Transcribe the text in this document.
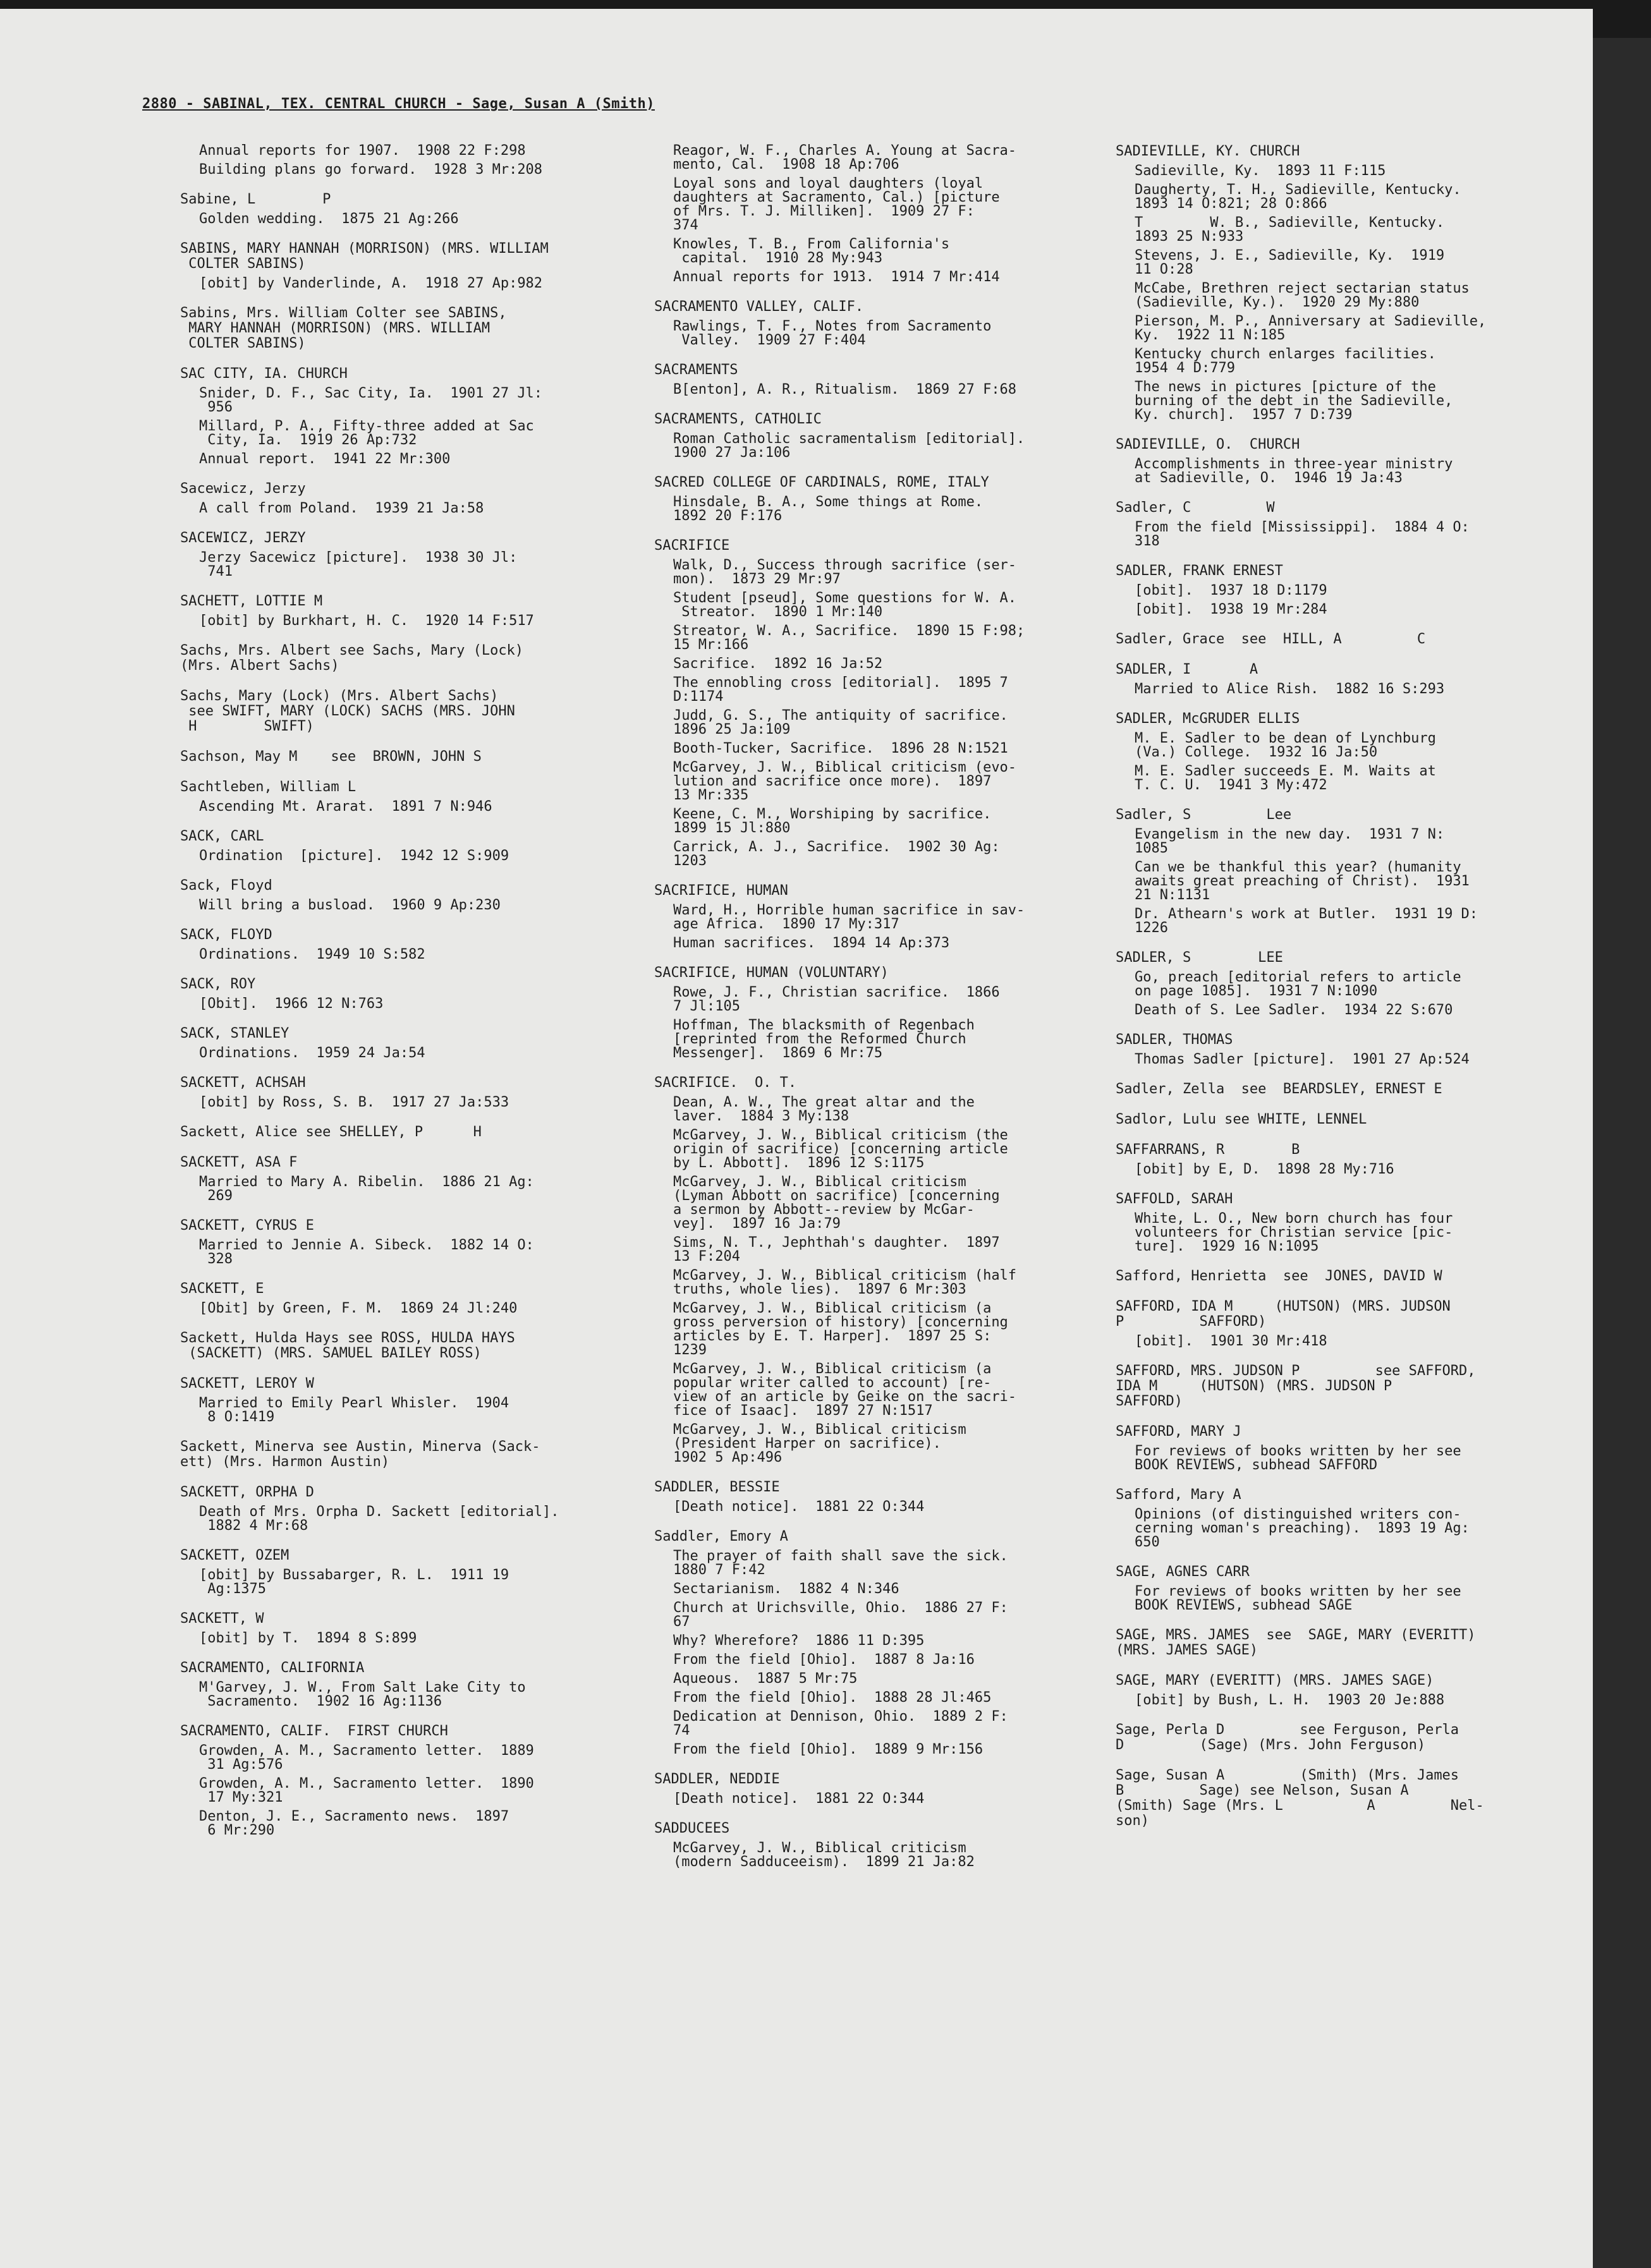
2880 - SABINAL, TEX. CENTRAL CHURCH - Sage, Susan A (Smith)
Annual reports for 1907.  1908 22 F:298
Building plans go forward.  1928 3 Mr:208
Sabine, L        P
Golden wedding.  1875 21 Ag:266
SABINS, MARY HANNAH (MORRISON) (MRS. WILLIAM
COLTER SABINS)
[obit] by Vanderlinde, A.  1918 27 Ap:982
Sabins, Mrs. William Colter see SABINS,
MARY HANNAH (MORRISON) (MRS. WILLIAM
COLTER SABINS)
SAC CITY, IA. CHURCH
Snider, D. F., Sac City, Ia.  1901 27 Jl:
956
Millard, P. A., Fifty-three added at Sac
City, Ia.  1919 26 Ap:732
Annual report.  1941 22 Mr:300
Sacewicz, Jerzy
A call from Poland.  1939 21 Ja:58
SACEWICZ, JERZY
Jerzy Sacewicz [picture].  1938 30 Jl:
741
SACHETT, LOTTIE M
[obit] by Burkhart, H. C.  1920 14 F:517
Sachs, Mrs. Albert see Sachs, Mary (Lock)
(Mrs. Albert Sachs)
Sachs, Mary (Lock) (Mrs. Albert Sachs)
see SWIFT, MARY (LOCK) SACHS (MRS. JOHN
H        SWIFT)
Sachson, May M    see  BROWN, JOHN S
Sachtleben, William L
Ascending Mt. Ararat.  1891 7 N:946
SACK, CARL
Ordination  [picture].  1942 12 S:909
Sack, Floyd
Will bring a busload.  1960 9 Ap:230
SACK, FLOYD
Ordinations.  1949 10 S:582
SACK, ROY
[Obit].  1966 12 N:763
SACK, STANLEY
Ordinations.  1959 24 Ja:54
SACKETT, ACHSAH
[obit] by Ross, S. B.  1917 27 Ja:533
Sackett, Alice see SHELLEY, P      H
SACKETT, ASA F
Married to Mary A. Ribelin.  1886 21 Ag:
269
SACKETT, CYRUS E
Married to Jennie A. Sibeck.  1882 14 O:
328
SACKETT, E
[Obit] by Green, F. M.  1869 24 Jl:240
Sackett, Hulda Hays see ROSS, HULDA HAYS
(SACKETT) (MRS. SAMUEL BAILEY ROSS)
SACKETT, LEROY W
Married to Emily Pearl Whisler.  1904
8 O:1419
Sackett, Minerva see Austin, Minerva (Sack-
ett) (Mrs. Harmon Austin)
SACKETT, ORPHA D
Death of Mrs. Orpha D. Sackett [editorial].
1882 4 Mr:68
SACKETT, OZEM
[obit] by Bussabarger, R. L.  1911 19
Ag:1375
SACKETT, W
[obit] by T.  1894 8 S:899
SACRAMENTO, CALIFORNIA
M'Garvey, J. W., From Salt Lake City to
Sacramento.  1902 16 Ag:1136
SACRAMENTO, CALIF.  FIRST CHURCH
Growden, A. M., Sacramento letter.  1889
31 Ag:576
Growden, A. M., Sacramento letter.  1890
17 My:321
Denton, J. E., Sacramento news.  1897
6 Mr:290
Reagor, W. F., Charles A. Young at Sacra-
mento, Cal.  1908 18 Ap:706
Loyal sons and loyal daughters (loyal
daughters at Sacramento, Cal.) [picture
of Mrs. T. J. Milliken].  1909 27 F:
374
Knowles, T. B., From California's
capital.  1910 28 My:943
Annual reports for 1913.  1914 7 Mr:414
SACRAMENTO VALLEY, CALIF.
Rawlings, T. F., Notes from Sacramento
Valley.  1909 27 F:404
SACRAMENTS
B[enton], A. R., Ritualism.  1869 27 F:68
SACRAMENTS, CATHOLIC
Roman Catholic sacramentalism [editorial].
1900 27 Ja:106
SACRED COLLEGE OF CARDINALS, ROME, ITALY
Hinsdale, B. A., Some things at Rome.
1892 20 F:176
SACRIFICE
Walk, D., Success through sacrifice (ser-
mon).  1873 29 Mr:97
Student [pseud], Some questions for W. A.
Streator.  1890 1 Mr:140
Streator, W. A., Sacrifice.  1890 15 F:98;
15 Mr:166
Sacrifice.  1892 16 Ja:52
The ennobling cross [editorial].  1895 7
D:1174
Judd, G. S., The antiquity of sacrifice.
1896 25 Ja:109
Booth-Tucker, Sacrifice.  1896 28 N:1521
McGarvey, J. W., Biblical criticism (evo-
lution and sacrifice once more).  1897
13 Mr:335
Keene, C. M., Worshiping by sacrifice.
1899 15 Jl:880
Carrick, A. J., Sacrifice.  1902 30 Ag:
1203
SACRIFICE, HUMAN
Ward, H., Horrible human sacrifice in sav-
age Africa.  1890 17 My:317
Human sacrifices.  1894 14 Ap:373
SACRIFICE, HUMAN (VOLUNTARY)
Rowe, J. F., Christian sacrifice.  1866
7 Jl:105
Hoffman, The blacksmith of Regenbach
[reprinted from the Reformed Church
Messenger].  1869 6 Mr:75
SACRIFICE.  O. T.
Dean, A. W., The great altar and the
laver.  1884 3 My:138
McGarvey, J. W., Biblical criticism (the
origin of sacrifice) [concerning article
by L. Abbott].  1896 12 S:1175
McGarvey, J. W., Biblical criticism
(Lyman Abbott on sacrifice) [concerning
a sermon by Abbott--review by McGar-
vey].  1897 16 Ja:79
Sims, N. T., Jephthah's daughter.  1897
13 F:204
McGarvey, J. W., Biblical criticism (half
truths, whole lies).  1897 6 Mr:303
McGarvey, J. W., Biblical criticism (a
gross perversion of history) [concerning
articles by E. T. Harper].  1897 25 S:
1239
McGarvey, J. W., Biblical criticism (a
popular writer called to account) [re-
view of an article by Geike on the sacri-
fice of Isaac].  1897 27 N:1517
McGarvey, J. W., Biblical criticism
(President Harper on sacrifice).
1902 5 Ap:496
SADDLER, BESSIE
[Death notice].  1881 22 O:344
Saddler, Emory A
The prayer of faith shall save the sick.
1880 7 F:42
Sectarianism.  1882 4 N:346
Church at Urichsville, Ohio.  1886 27 F:
67
Why? Wherefore?  1886 11 D:395
From the field [Ohio].  1887 8 Ja:16
Aqueous.  1887 5 Mr:75
From the field [Ohio].  1888 28 Jl:465
Dedication at Dennison, Ohio.  1889 2 F:
74
From the field [Ohio].  1889 9 Mr:156
SADDLER, NEDDIE
[Death notice].  1881 22 O:344
SADDUCEES
McGarvey, J. W., Biblical criticism
(modern Sadduceeism).  1899 21 Ja:82
SADIEVILLE, KY. CHURCH
Sadieville, Ky.  1893 11 F:115
Daugherty, T. H., Sadieville, Kentucky.
1893 14 O:821; 28 O:866
T        W. B., Sadieville, Kentucky.
1893 25 N:933
Stevens, J. E., Sadieville, Ky.  1919
11 O:28
McCabe, Brethren reject sectarian status
(Sadieville, Ky.).  1920 29 My:880
Pierson, M. P., Anniversary at Sadieville,
Ky.  1922 11 N:185
Kentucky church enlarges facilities.
1954 4 D:779
The news in pictures [picture of the
burning of the debt in the Sadieville,
Ky. church].  1957 7 D:739
SADIEVILLE, O.  CHURCH
Accomplishments in three-year ministry
at Sadieville, O.  1946 19 Ja:43
Sadler, C         W
From the field [Mississippi].  1884 4 O:
318
SADLER, FRANK ERNEST
[obit].  1937 18 D:1179
[obit].  1938 19 Mr:284
Sadler, Grace  see  HILL, A         C
SADLER, I       A
Married to Alice Rish.  1882 16 S:293
SADLER, McGRUDER ELLIS
M. E. Sadler to be dean of Lynchburg
(Va.) College.  1932 16 Ja:50
M. E. Sadler succeeds E. M. Waits at
T. C. U.  1941 3 My:472
Sadler, S         Lee
Evangelism in the new day.  1931 7 N:
1085
Can we be thankful this year? (humanity
awaits great preaching of Christ).  1931
21 N:1131
Dr. Athearn's work at Butler.  1931 19 D:
1226
SADLER, S        LEE
Go, preach [editorial refers to article
on page 1085].  1931 7 N:1090
Death of S. Lee Sadler.  1934 22 S:670
SADLER, THOMAS
Thomas Sadler [picture].  1901 27 Ap:524
Sadler, Zella  see  BEARDSLEY, ERNEST E
Sadlor, Lulu see WHITE, LENNEL
SAFFARRANS, R        B
[obit] by E, D.  1898 28 My:716
SAFFOLD, SARAH
White, L. O., New born church has four
volunteers for Christian service [pic-
ture].  1929 16 N:1095
Safford, Henrietta  see  JONES, DAVID W
SAFFORD, IDA M     (HUTSON) (MRS. JUDSON
P         SAFFORD)
[obit].  1901 30 Mr:418
SAFFORD, MRS. JUDSON P         see SAFFORD,
IDA M     (HUTSON) (MRS. JUDSON P
SAFFORD)
SAFFORD, MARY J
For reviews of books written by her see
BOOK REVIEWS, subhead SAFFORD
Safford, Mary A
Opinions (of distinguished writers con-
cerning woman's preaching).  1893 19 Ag:
650
SAGE, AGNES CARR
For reviews of books written by her see
BOOK REVIEWS, subhead SAGE
SAGE, MRS. JAMES  see  SAGE, MARY (EVERITT)
(MRS. JAMES SAGE)
SAGE, MARY (EVERITT) (MRS. JAMES SAGE)
[obit] by Bush, L. H.  1903 20 Je:888
Sage, Perla D         see Ferguson, Perla
D         (Sage) (Mrs. John Ferguson)
Sage, Susan A         (Smith) (Mrs. James
B         Sage) see Nelson, Susan A
(Smith) Sage (Mrs. L          A         Nel-
son)
